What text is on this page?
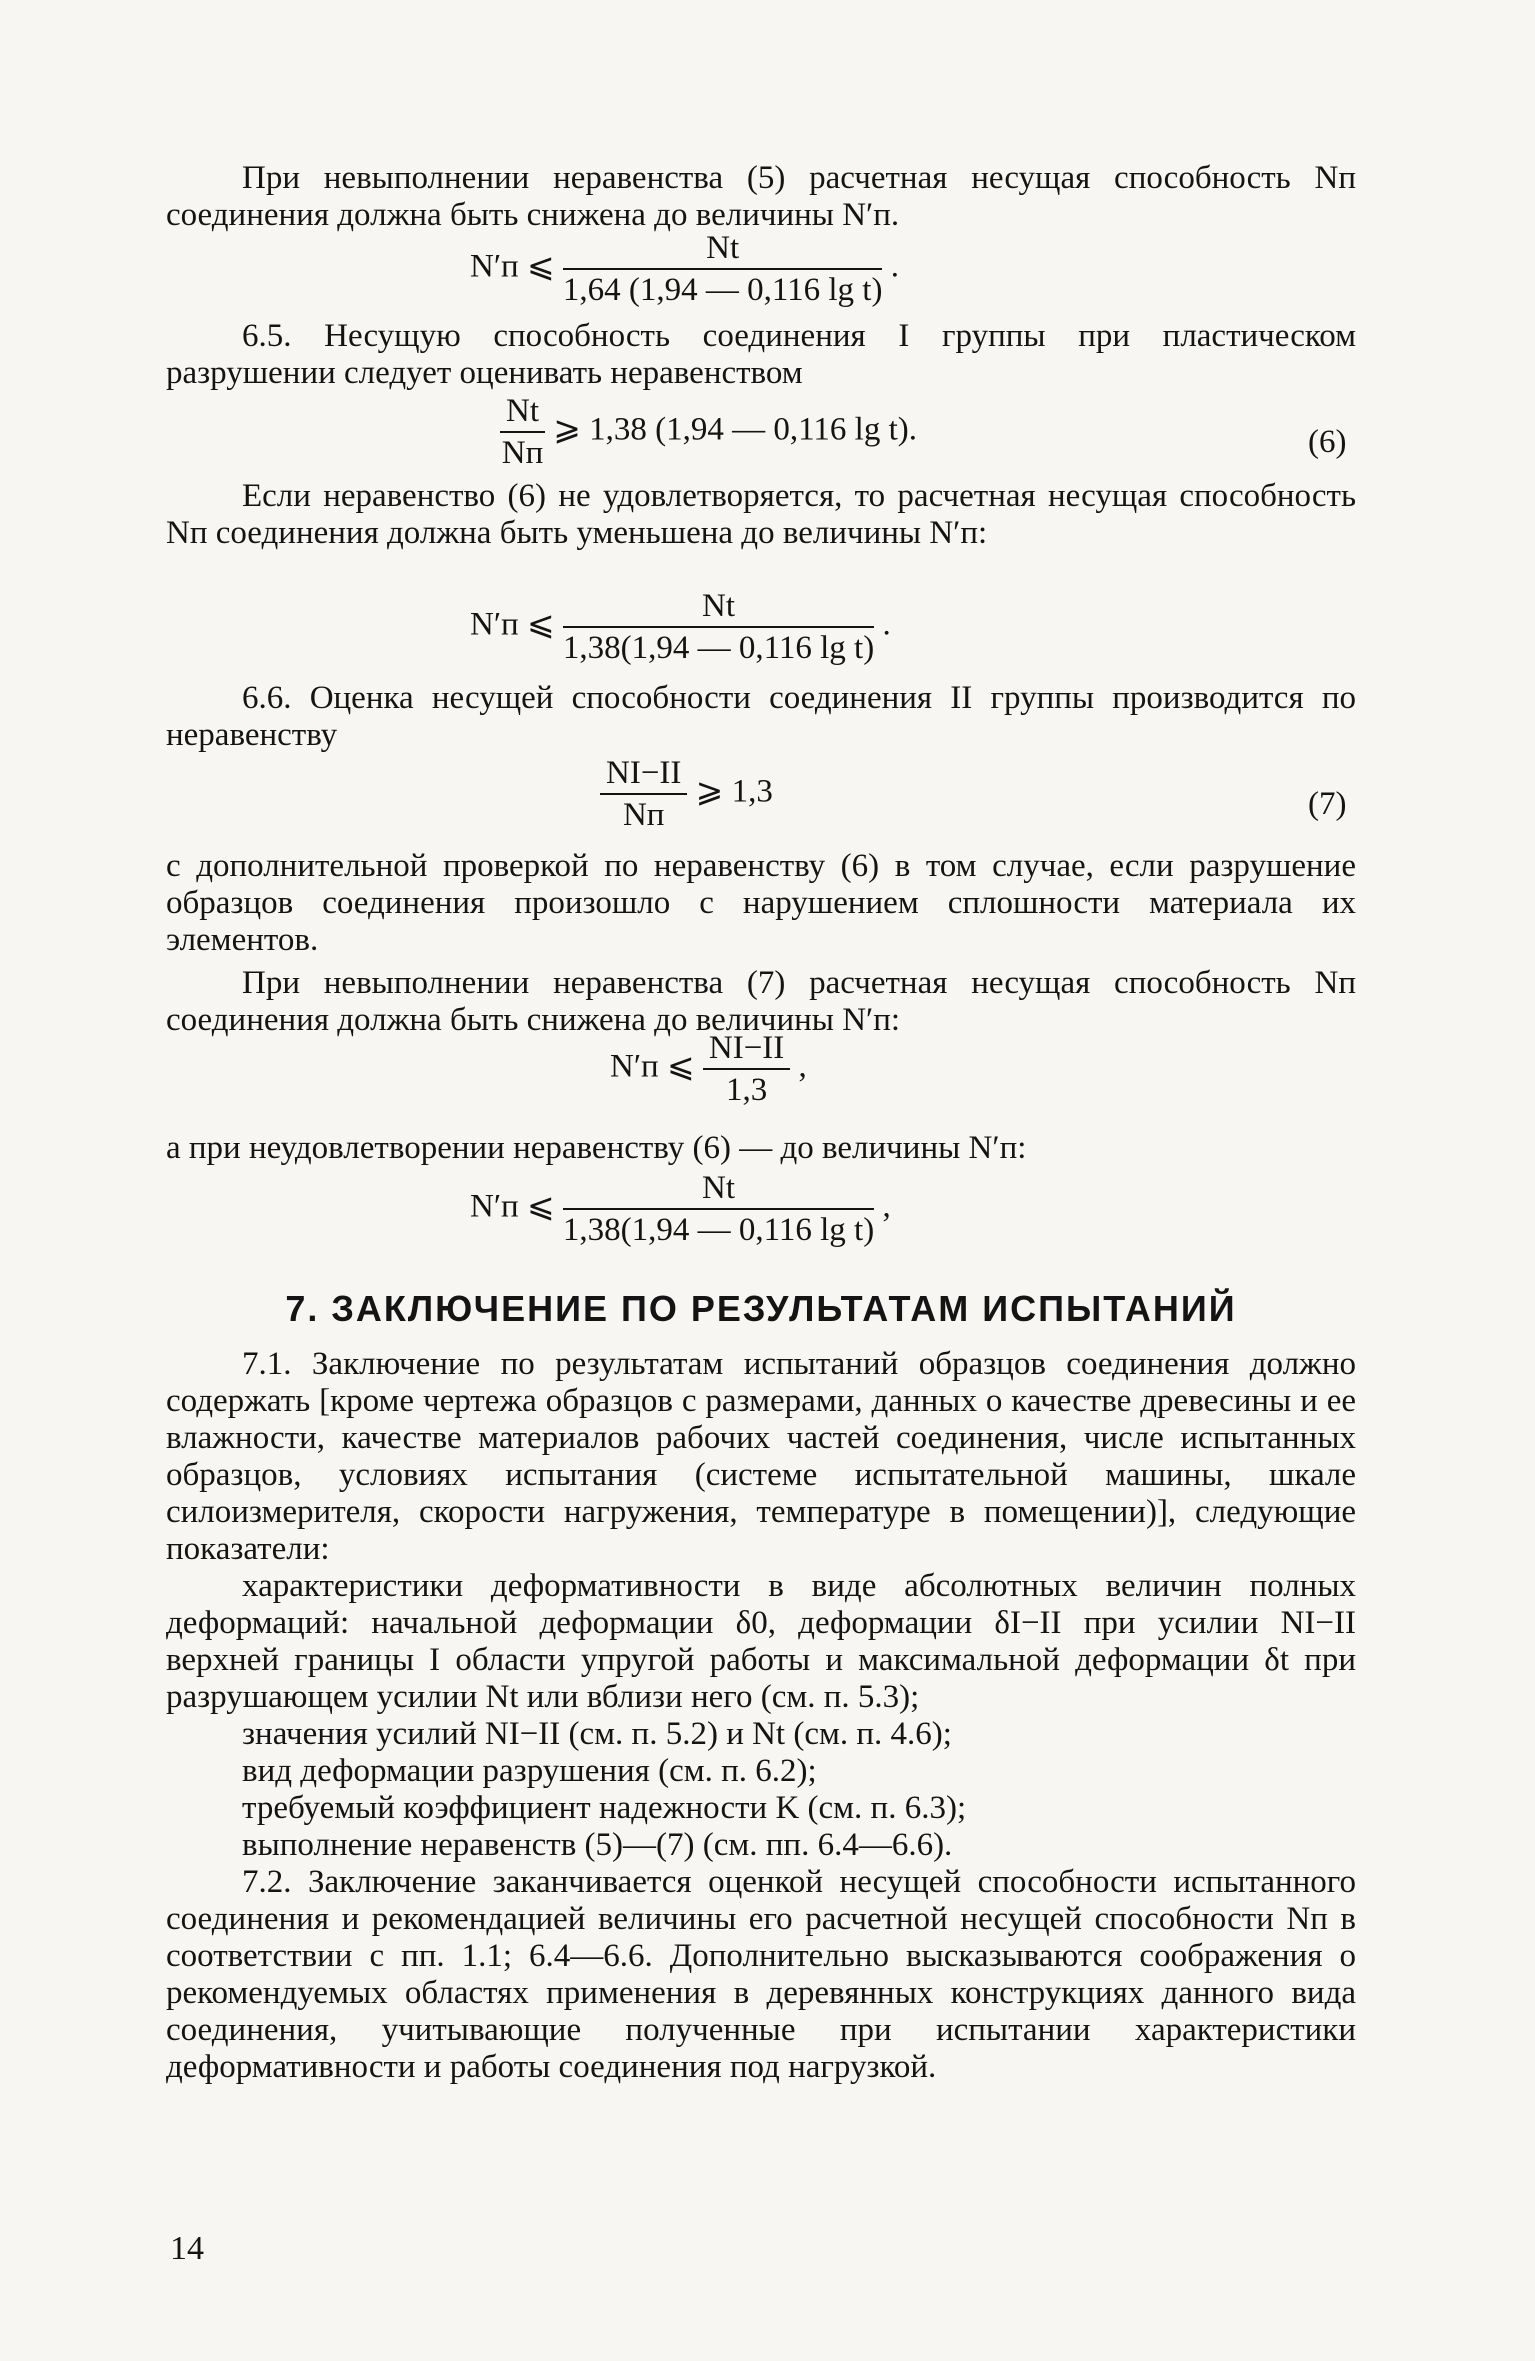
При невыполнении неравенства (5) расчетная несущая способность Nп соединения должна быть снижена до величины N′п.

N′п ⩽ $\frac{Nt}{\text{1,64 (1,94 — 0,116 lg t)}}$ .

6.5. Несущую способность соединения I группы при пластическом разрушении следует оценивать неравенством

$\frac{Nt}{Nп}$ ⩾ 1,38 (1,94 — 0,116 lg t).	(6)

Если неравенство (6) не удовлетворяется, то расчетная несущая способность Nп соединения должна быть уменьшена до величины N′п:

N′п ⩽ $\frac{Nt}{\text{1,38(1,94 — 0,116 lg t)}}$ .

6.6. Оценка несущей способности соединения II группы производится по неравенству

$\frac{NI-II}{Nп}$ ⩾ 1,3	(7)

с дополнительной проверкой по неравенству (6) в том случае, если разрушение образцов соединения произошло с нарушением сплошности материала их элементов.

При невыполнении неравенства (7) расчетная несущая способность Nп соединения должна быть снижена до величины N′п:

N′п ⩽ $\frac{NI-II}{1,3}$ ,

а при неудовлетворении неравенству (6) — до величины N′п:

N′п ⩽ $\frac{Nt}{\text{1,38(1,94 — 0,116 lg t)}}$ ,
7. ЗАКЛЮЧЕНИЕ ПО РЕЗУЛЬТАТАМ ИСПЫТАНИЙ

7.1. Заключение по результатам испытаний образцов соединения должно содержать [кроме чертежа образцов с размерами, данных о качестве древесины и ее влажности, качестве материалов рабочих частей соединения, числе испытанных образцов, условиях испытания (системе испытательной машины, шкале силоизмерителя, скорости нагружения, температуре в помещении)], следующие показатели:

характеристики деформативности в виде абсолютных величин полных деформаций: начальной деформации δ0, деформации δI−II при усилии NI−II верхней границы I области упругой работы и максимальной деформации δt при разрушающем усилии Nt или вблизи него (см. п. 5.3);

значения усилий NI−II (см. п. 5.2) и Nt (см. п. 4.6);

вид деформации разрушения (см. п. 6.2);

требуемый коэффициент надежности K (см. п. 6.3);

выполнение неравенств (5)—(7) (см. пп. 6.4—6.6).

7.2. Заключение заканчивается оценкой несущей способности испытанного соединения и рекомендацией величины его расчетной несущей способности Nп в соответствии с пп. 1.1; 6.4—6.6. Дополнительно высказываются соображения о рекомендуемых областях применения в деревянных конструкциях данного вида соединения, учитывающие полученные при испытании характеристики деформативности и работы соединения под нагрузкой.

14
